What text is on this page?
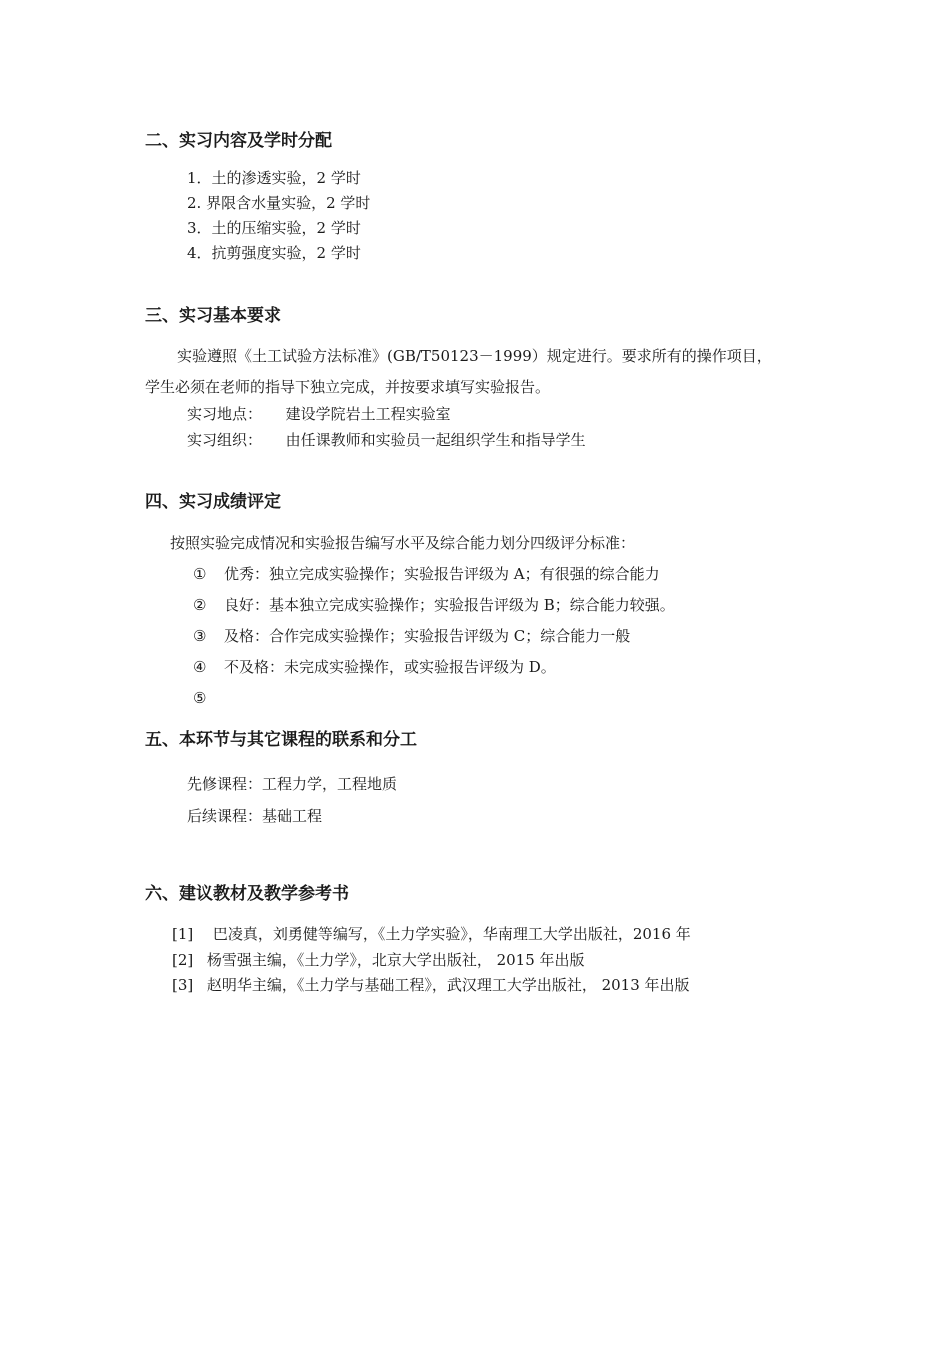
二、实习内容及学时分配
1．土的渗透实验，2 学时
2. 界限含水量实验，2 学时
3．土的压缩实验，2 学时
4．抗剪强度实验，2 学时
三、实习基本要求
实验遵照《土工试验方法标准》(GB/T50123－1999）规定进行。要求所有的操作项目，
学生必须在老师的指导下独立完成，并按要求填写实验报告。
实习地点： 建设学院岩土工程实验室
实习组织： 由任课教师和实验员一起组织学生和指导学生
四、实习成绩评定
按照实验完成情况和实验报告编写水平及综合能力划分四级评分标准：
① 优秀：独立完成实验操作；实验报告评级为 A；有很强的综合能力
② 良好：基本独立完成实验操作；实验报告评级为 B；综合能力较强。
③ 及格：合作完成实验操作；实验报告评级为 C；综合能力一般
④ 不及格：未完成实验操作，或实验报告评级为 D。
⑤
五、本环节与其它课程的联系和分工
先修课程：工程力学，工程地质
后续课程：基础工程
六、建议教材及教学参考书
[1] 巴凌真，刘勇健等编写，《土力学实验》，华南理工大学出版社，2016 年
[2] 杨雪强主编，《土力学》，北京大学出版社， 2015 年出版
[3] 赵明华主编，《土力学与基础工程》，武汉理工大学出版社， 2013 年出版
